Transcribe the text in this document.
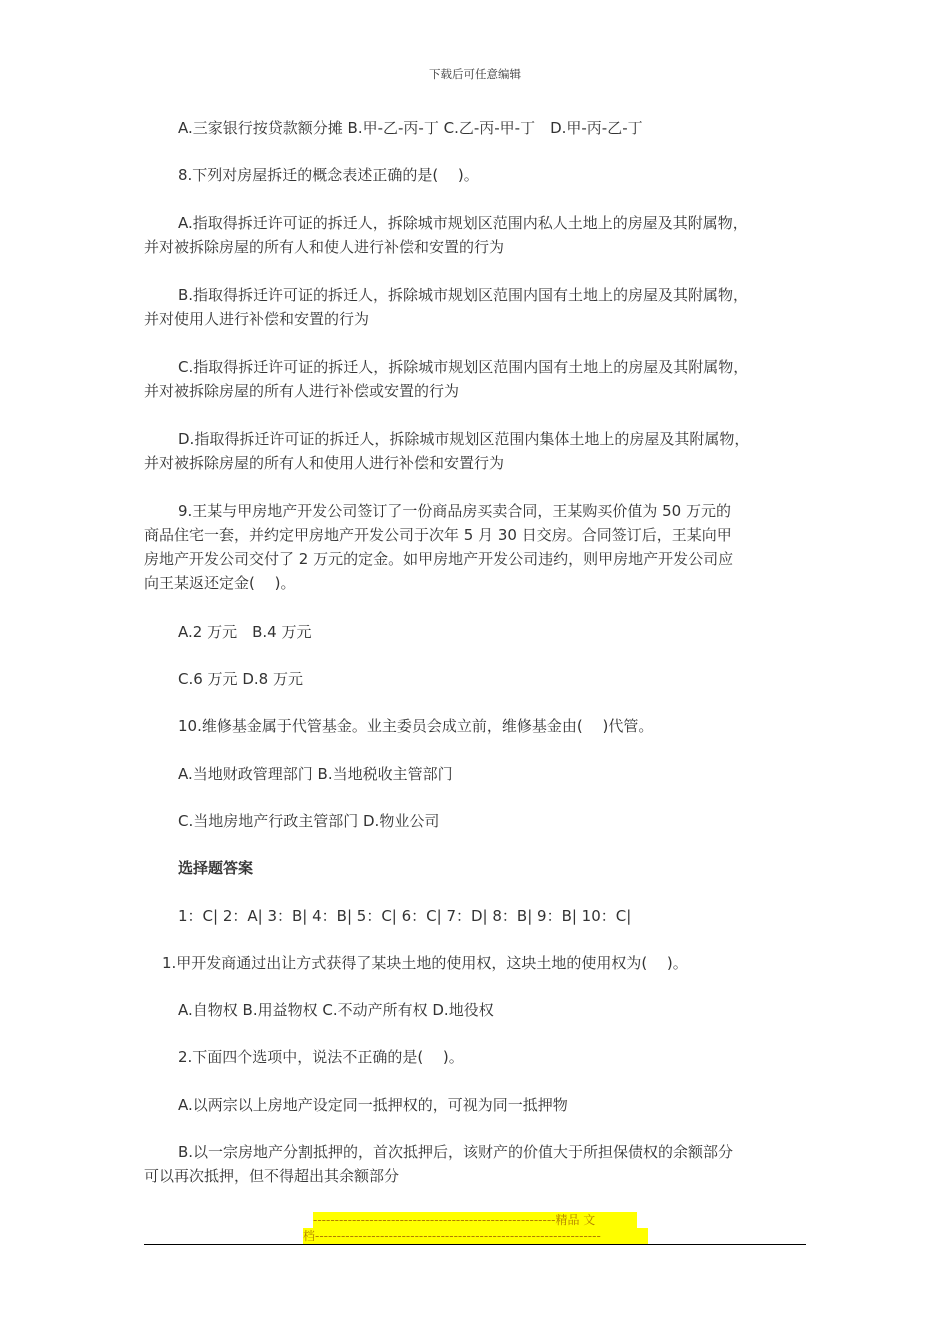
下载后可任意编辑
A.三家银行按贷款额分摊 B.甲-乙-丙-丁 C.乙-丙-甲-丁　D.甲-丙-乙-丁
8.下列对房屋拆迁的概念表述正确的是(　 )。
A.指取得拆迁许可证的拆迁人，拆除城市规划区范围内私人土地上的房屋及其附属物，
并对被拆除房屋的所有人和使人进行补偿和安置的行为
B.指取得拆迁许可证的拆迁人，拆除城市规划区范围内国有土地上的房屋及其附属物，
并对使用人进行补偿和安置的行为
C.指取得拆迁许可证的拆迁人，拆除城市规划区范围内国有土地上的房屋及其附属物，
并对被拆除房屋的所有人进行补偿或安置的行为
D.指取得拆迁许可证的拆迁人，拆除城市规划区范围内集体土地上的房屋及其附属物，
并对被拆除房屋的所有人和使用人进行补偿和安置行为
9.王某与甲房地产开发公司签订了一份商品房买卖合同，王某购买价值为 50 万元的
商品住宅一套，并约定甲房地产开发公司于次年 5 月 30 日交房。合同签订后，王某向甲
房地产开发公司交付了 2 万元的定金。如甲房地产开发公司违约，则甲房地产开发公司应
向王某返还定金(　 )。
A.2 万元　B.4 万元
C.6 万元 D.8 万元
10.维修基金属于代管基金。业主委员会成立前，维修基金由(　 )代管。
A.当地财政管理部门 B.当地税收主管部门
C.当地房地产行政主管部门 D.物业公司
选择题答案
1：C| 2：A| 3：B| 4：B| 5：C| 6：C| 7：D| 8：B| 9：B| 10：C|
1.甲开发商通过出让方式获得了某块土地的使用权，这块土地的使用权为(　 )。
A.自物权 B.用益物权 C.不动产所有权 D.地役权
2.下面四个选项中，说法不正确的是(　 )。
A.以两宗以上房地产设定同一抵押权的，可视为同一抵押物
B.以一宗房地产分割抵押的，首次抵押后，该财产的价值大于所担保债权的余额部分
可以再次抵押，但不得超出其余额部分
--------------------------------------------------------精品 文
档------------------------------------------------------------------
